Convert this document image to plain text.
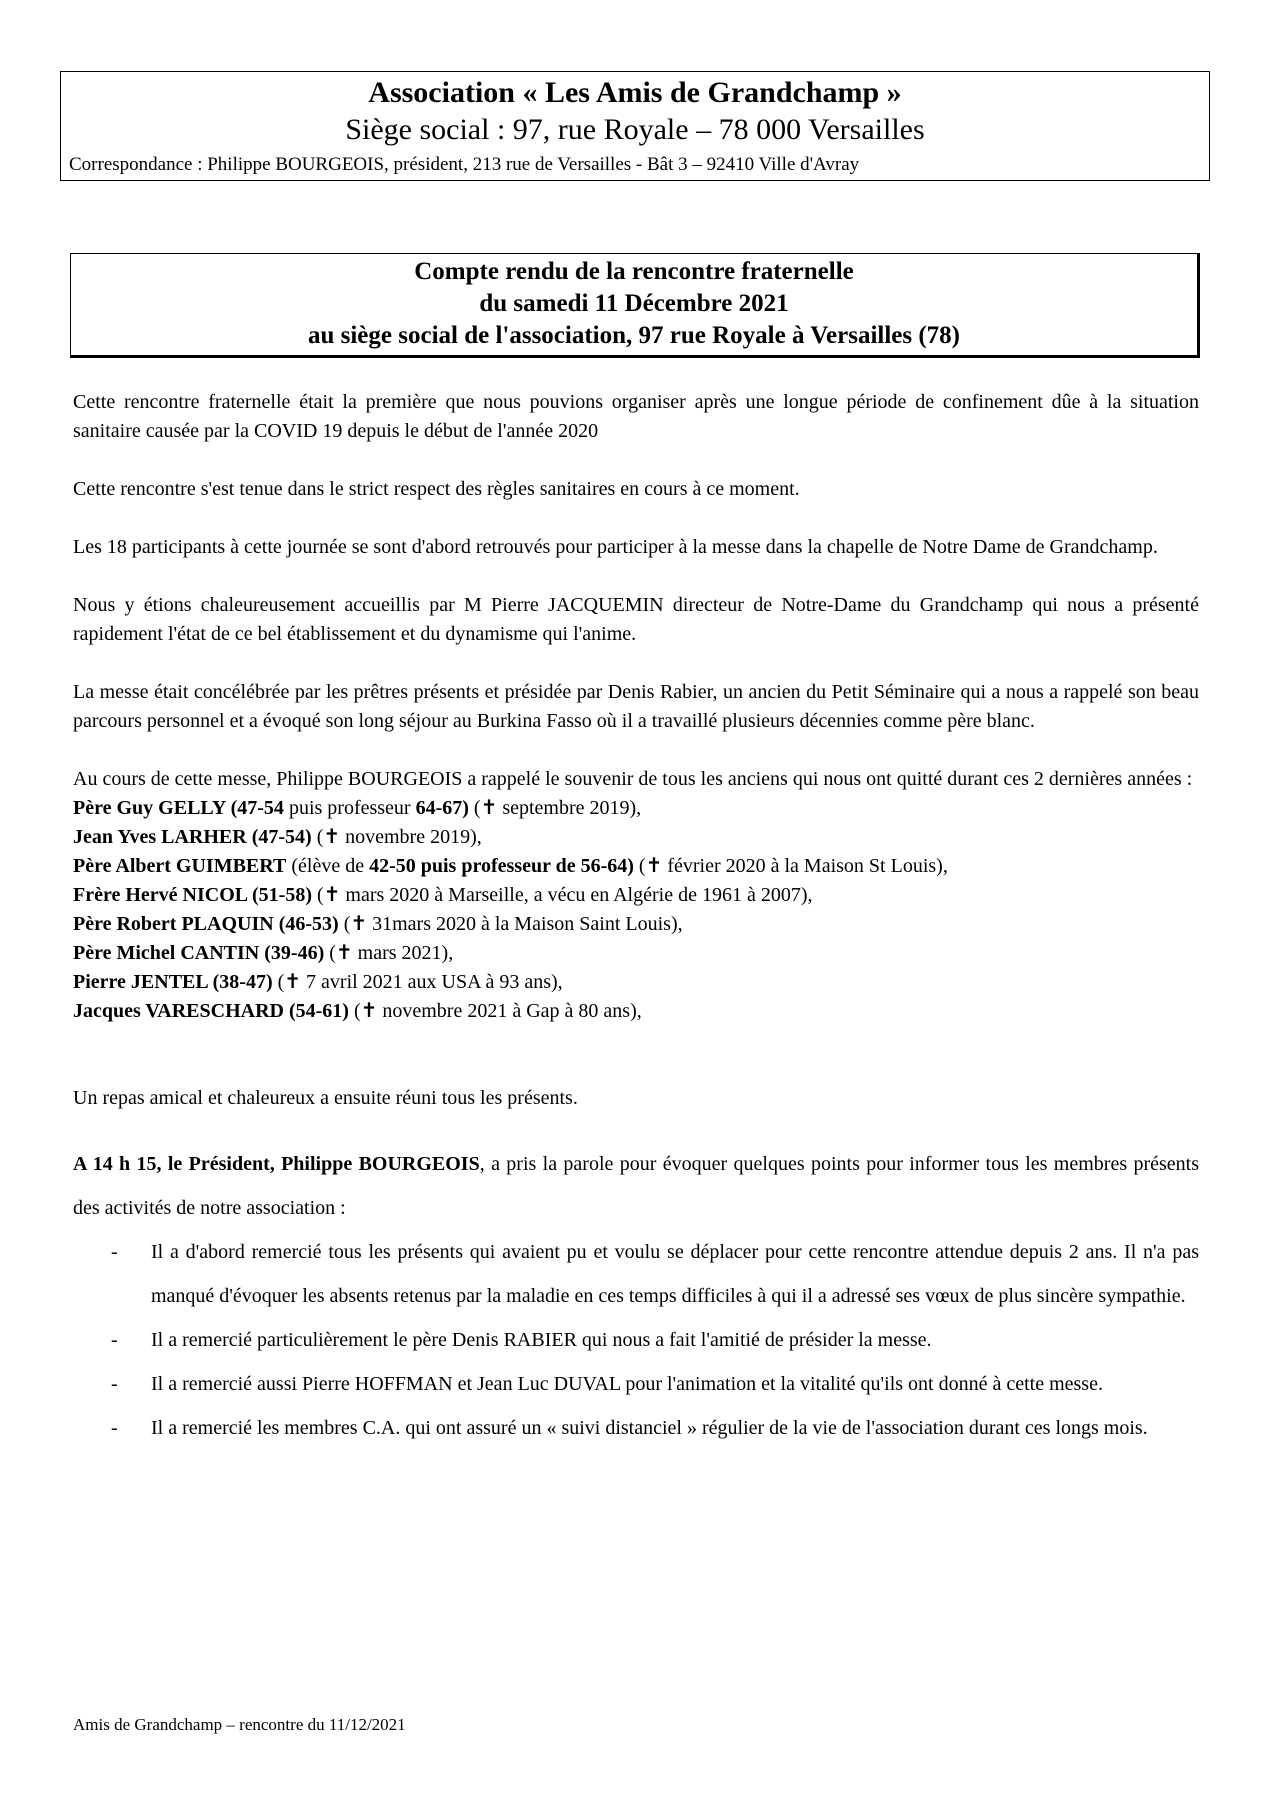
Association « Les Amis de Grandchamp »
Siège social : 97, rue Royale – 78 000 Versailles
Correspondance : Philippe BOURGEOIS, président, 213 rue de Versailles - Bât 3 – 92410 Ville d'Avray
Compte rendu de la rencontre fraternelle
du samedi 11 Décembre 2021
au siège social de l'association, 97 rue Royale à Versailles (78)

Cette rencontre fraternelle était la première que nous pouvions organiser après une longue période de confinement dûe à la situation sanitaire causée par la COVID 19 depuis le début de l'année 2020

Cette rencontre s'est tenue dans le strict respect des règles sanitaires en cours à ce moment.

Les 18 participants à cette journée se sont d'abord retrouvés pour participer à la messe dans la chapelle de Notre Dame de Grandchamp.

Nous y étions chaleureusement accueillis par M Pierre JACQUEMIN directeur de Notre-Dame du Grandchamp qui nous a présenté rapidement l'état de ce bel établissement et du dynamisme qui l'anime.

La messe était concélébrée par les prêtres présents et présidée par Denis Rabier, un ancien du Petit Séminaire qui a nous a rappelé son beau parcours personnel et a évoqué son long séjour au Burkina Fasso où il a travaillé plusieurs décennies comme père blanc.

Au cours de cette messe, Philippe BOURGEOIS a rappelé le souvenir de tous les anciens qui nous ont quitté durant ces 2 dernières années :

Père Guy GELLY (47-54 puis professeur 64-67) (✝ septembre 2019),
Jean Yves LARHER (47-54) (✝ novembre 2019),
Père Albert GUIMBERT (élève de 42-50 puis professeur de 56-64) (✝ février 2020 à la Maison St Louis),
Frère Hervé NICOL (51-58) (✝ mars 2020 à Marseille, a vécu en Algérie de 1961 à 2007),
Père Robert PLAQUIN (46-53) (✝ 31mars 2020 à la Maison Saint Louis),
Père Michel CANTIN (39-46) (✝ mars 2021),
Pierre JENTEL (38-47) (✝ 7 avril 2021 aux USA à 93 ans),
Jacques VARESCHARD (54-61) (✝ novembre 2021 à Gap à 80 ans),

Un repas amical et chaleureux a ensuite réuni tous les présents.

A 14 h 15, le Président, Philippe BOURGEOIS, a pris la parole pour évoquer quelques points pour informer tous les membres présents des activités de notre association :

- Il a d'abord remercié tous les présents qui avaient pu et voulu se déplacer pour cette rencontre attendue depuis 2 ans. Il n'a pas manqué d'évoquer les absents retenus par la maladie en ces temps difficiles à qui il a adressé ses vœux de plus sincère sympathie.
- Il a remercié particulièrement le père Denis RABIER qui nous a fait l'amitié de présider la messe.
- Il a remercié aussi Pierre HOFFMAN et Jean Luc DUVAL pour l'animation et la vitalité qu'ils ont donné à cette messe.
- Il a remercié les membres C.A. qui ont assuré un « suivi distanciel » régulier de la vie de l'association durant ces longs mois.
Amis de Grandchamp – rencontre du 11/12/2021
